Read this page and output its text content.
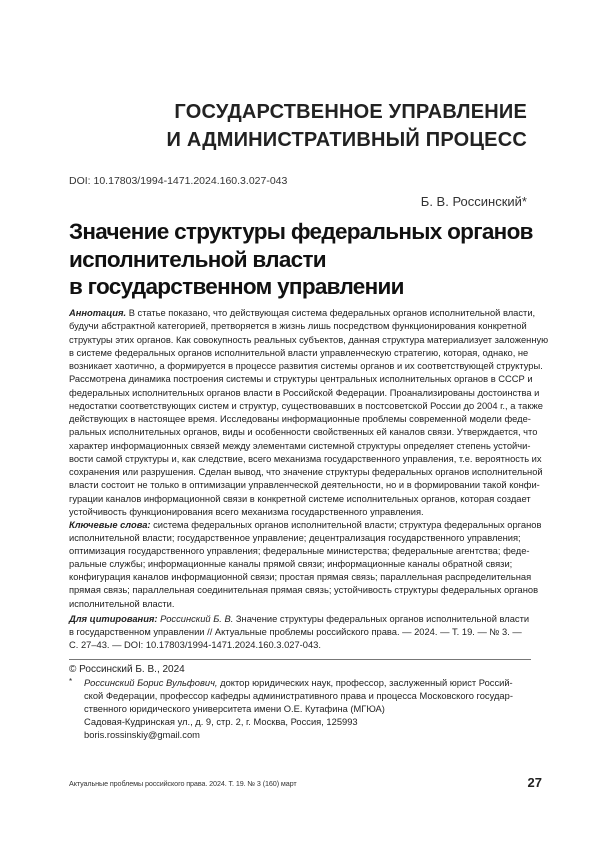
ГОСУДАРСТВЕННОЕ УПРАВЛЕНИЕ
И АДМИНИСТРАТИВНЫЙ ПРОЦЕСС
DOI: 10.17803/1994-1471.2024.160.3.027-043
Б. В. Россинский*
Значение структуры федеральных органов
исполнительной власти
в государственном управлении
Аннотация. В статье показано, что действующая система федеральных органов исполнительной власти,
будучи абстрактной категорией, претворяется в жизнь лишь посредством функционирования конкретной
структуры этих органов. Как совокупность реальных субъектов, данная структура материализует заложенную
в системе федеральных органов исполнительной власти управленческую стратегию, которая, однако, не
возникает хаотично, а формируется в процессе развития системы органов и их соответствующей структуры.
Рассмотрена динамика построения системы и структуры центральных исполнительных органов в СССР и
федеральных исполнительных органов власти в Российской Федерации. Проанализированы достоинства и
недостатки соответствующих систем и структур, существовавших в постсоветской России до 2004 г., а также
действующих в настоящее время. Исследованы информационные проблемы современной модели феде-
ральных исполнительных органов, виды и особенности свойственных ей каналов связи. Утверждается, что
характер информационных связей между элементами системной структуры определяет степень устойчи-
вости самой структуры и, как следствие, всего механизма государственного управления, т.е. вероятность их
сохранения или разрушения. Сделан вывод, что значение структуры федеральных органов исполнительной
власти состоит не только в оптимизации управленческой деятельности, но и в формировании такой конфи-
гурации каналов информационной связи в конкретной системе исполнительных органов, которая создает
устойчивость функционирования всего механизма государственного управления.
Ключевые слова: система федеральных органов исполнительной власти; структура федеральных органов
исполнительной власти; государственное управление; децентрализация государственного управления;
оптимизация государственного управления; федеральные министерства; федеральные агентства; феде-
ральные службы; информационные каналы прямой связи; информационные каналы обратной связи;
конфигурация каналов информационной связи; простая прямая связь; параллельная распределительная
прямая связь; параллельная соединительная прямая связь; устойчивость структуры федеральных органов
исполнительной власти.
Для цитирования: Россинский Б. В. Значение структуры федеральных органов исполнительной власти
в государственном управлении // Актуальные проблемы российского права. — 2024. — Т. 19. — № 3. —
С. 27–43. — DOI: 10.17803/1994-1471.2024.160.3.027-043.
© Россинский Б. В., 2024
* Россинский Борис Вульфович, доктор юридических наук, профессор, заслуженный юрист Россий-
ской Федерации, профессор кафедры административного права и процесса Московского государ-
ственного юридического университета имени О.Е. Кутафина (МГЮА)
Садовая-Кудринская ул., д. 9, стр. 2, г. Москва, Россия, 125993
boris.rossinskiy@gmail.com
Актуальные проблемы российского права. 2024. Т. 19. № 3 (160) март	27
